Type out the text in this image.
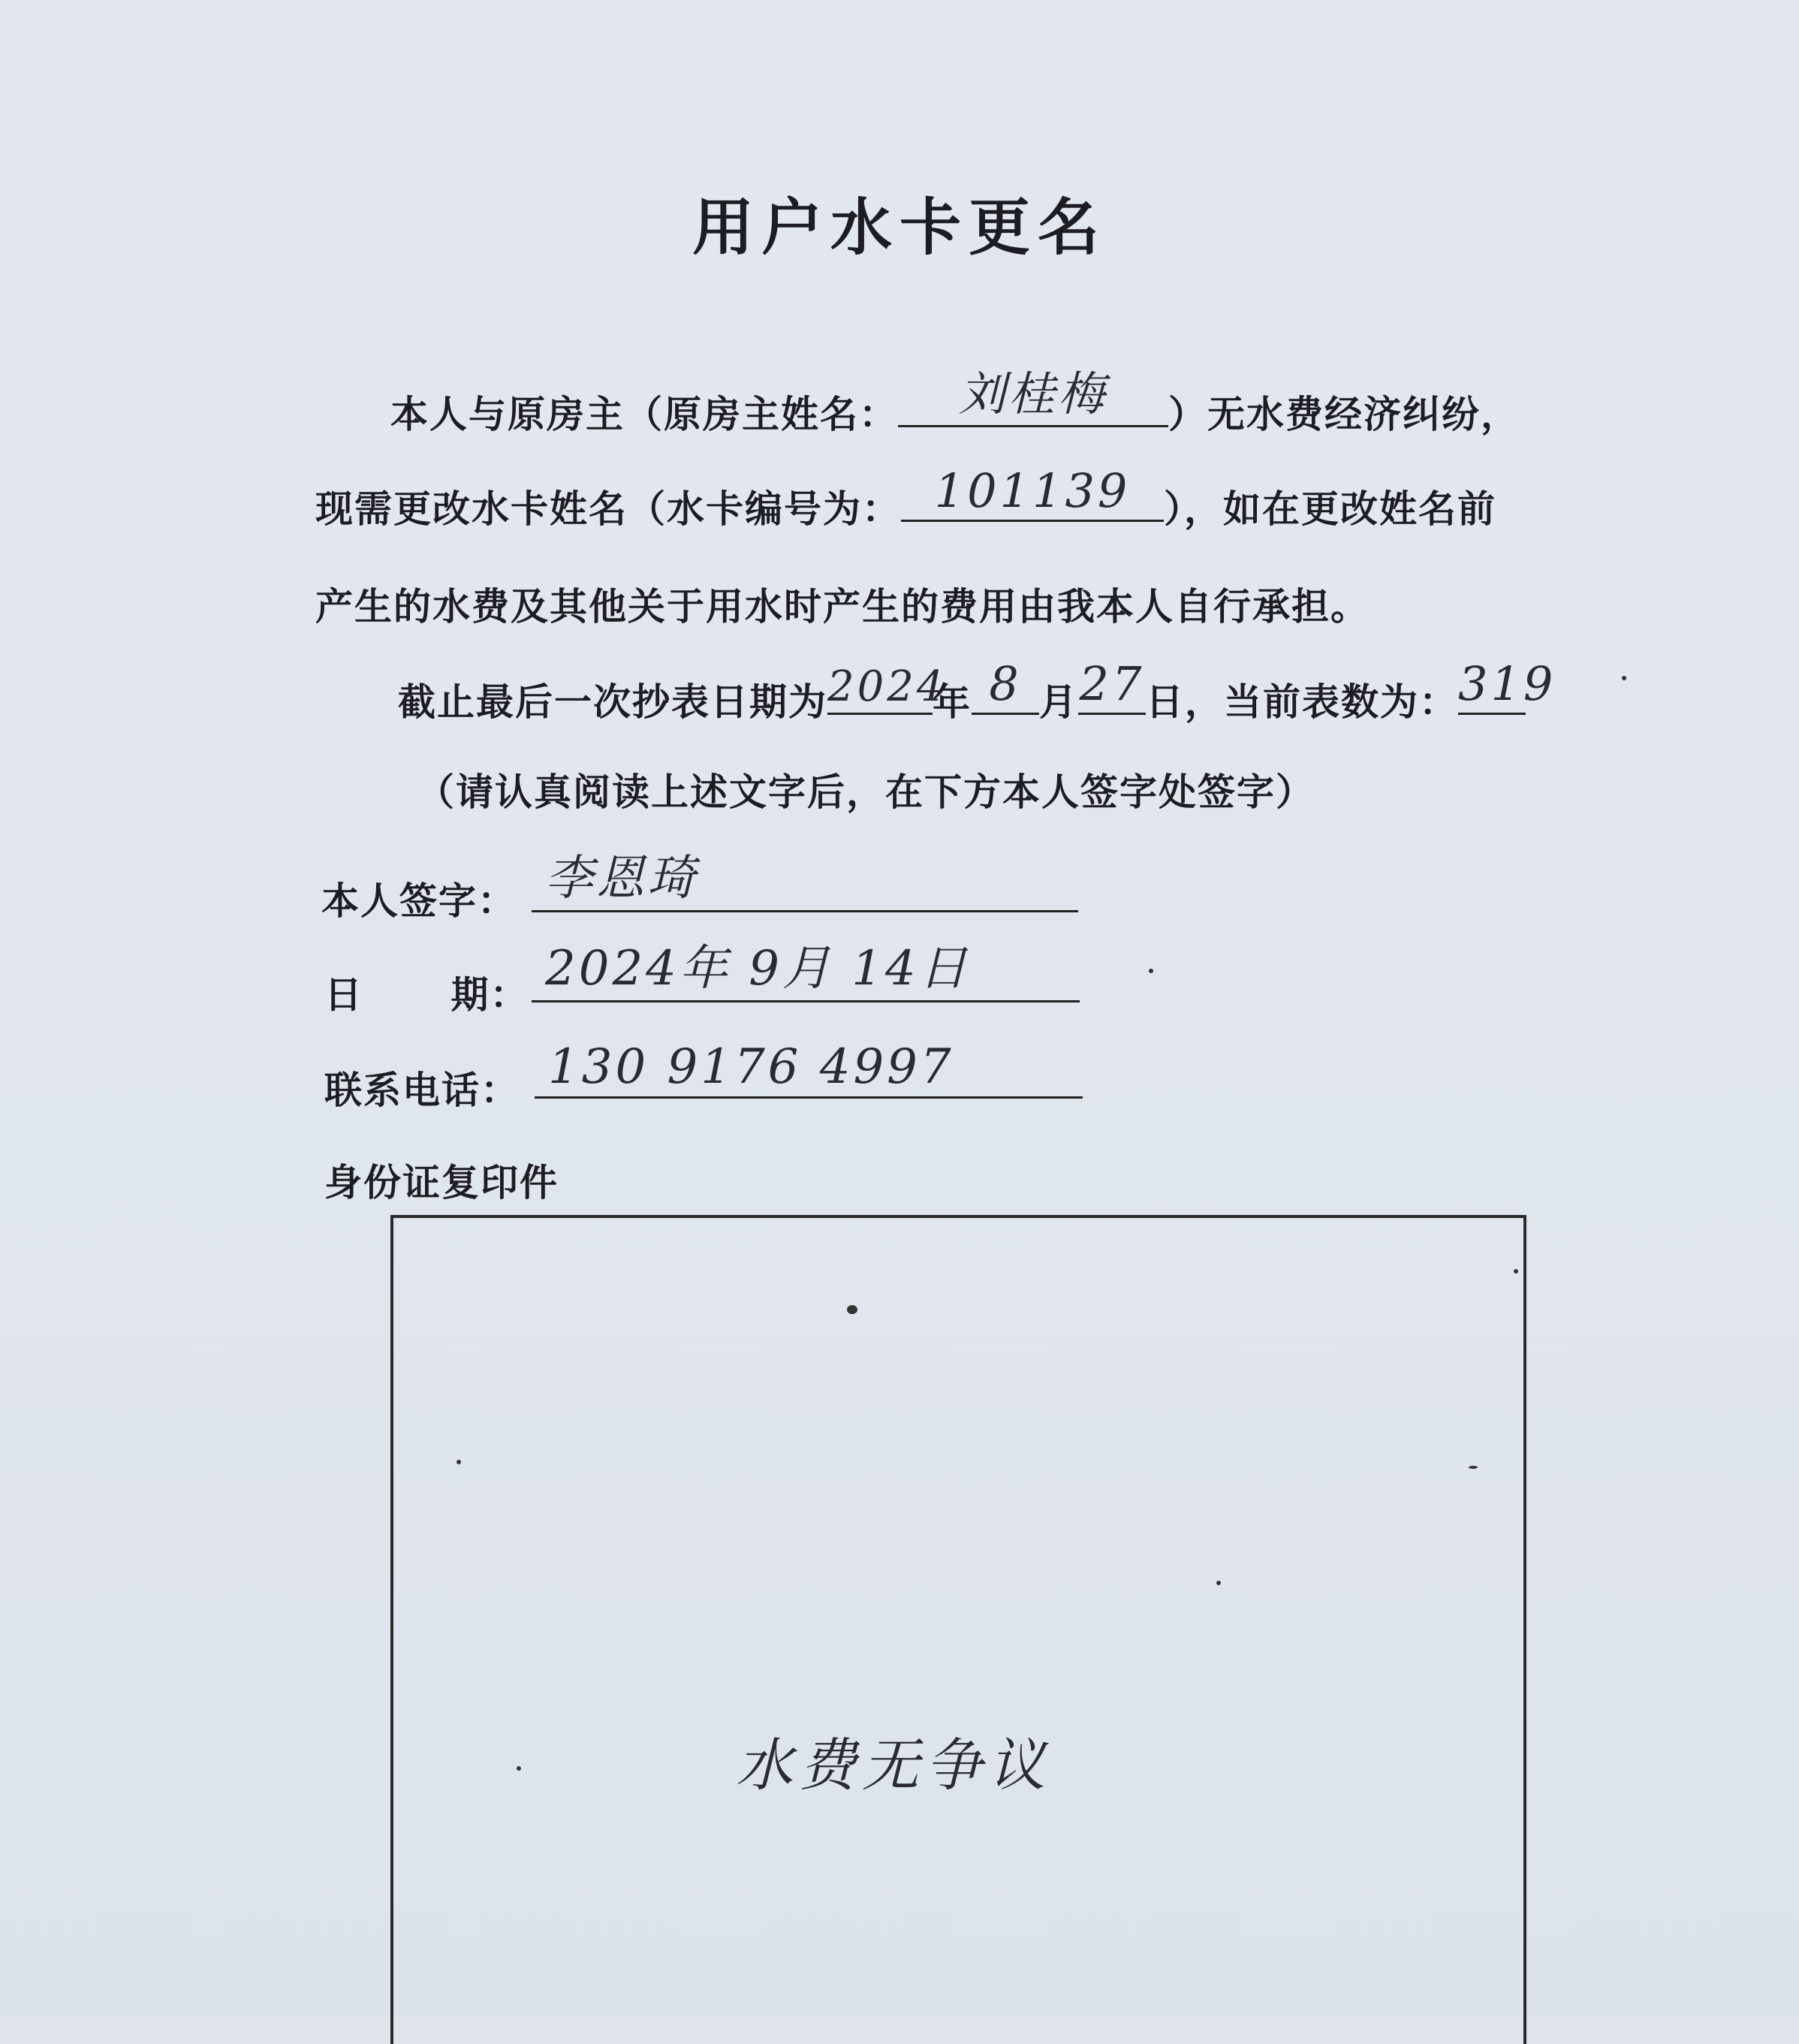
用户水卡更名
本人与原房主（原房主姓名：	刘桂梅	）无水费经济纠纷，
现需更改水卡姓名（水卡编号为： 101139 ），如在更改姓名前
产生的水费及其他关于用水时产生的费用由我本人自行承担。
截止最后一次抄表日期为 2024
年 8 月 27 日，当前表数为： 319
（请认真阅读上述文字后，在下方本人签字处签字）
本人签字： 李恩琦
日      期： 2024年 9月 14日
联系电话： 130 9176 4997
身份证复印件
水费无争议
